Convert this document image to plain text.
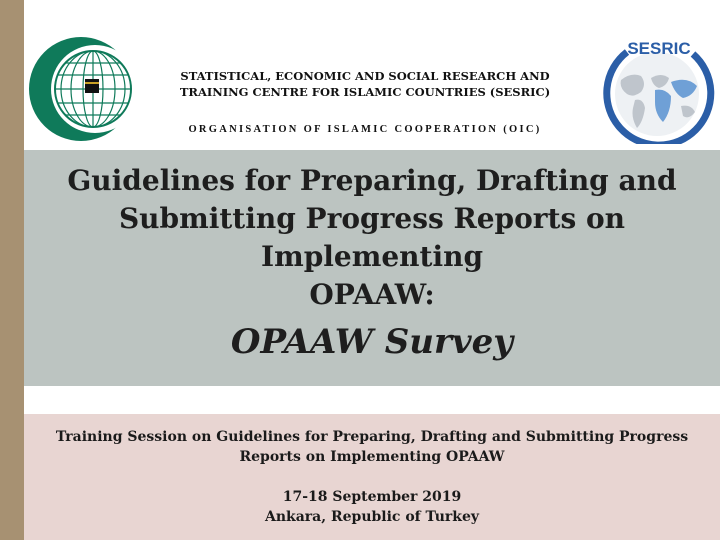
STATISTICAL, ECONOMIC AND SOCIAL RESEARCH AND
TRAINING CENTRE FOR ISLAMIC COUNTRIES (SESRIC)
ORGANISATION OF ISLAMIC COOPERATION (OIC)
SESRIC
Guidelines for Preparing, Drafting and
Submitting Progress Reports on Implementing
OPAAW:
OPAAW Survey
Training Session on Guidelines for Preparing, Drafting and Submitting Progress
Reports on Implementing OPAAW
17-18 September 2019
Ankara, Republic of Turkey
